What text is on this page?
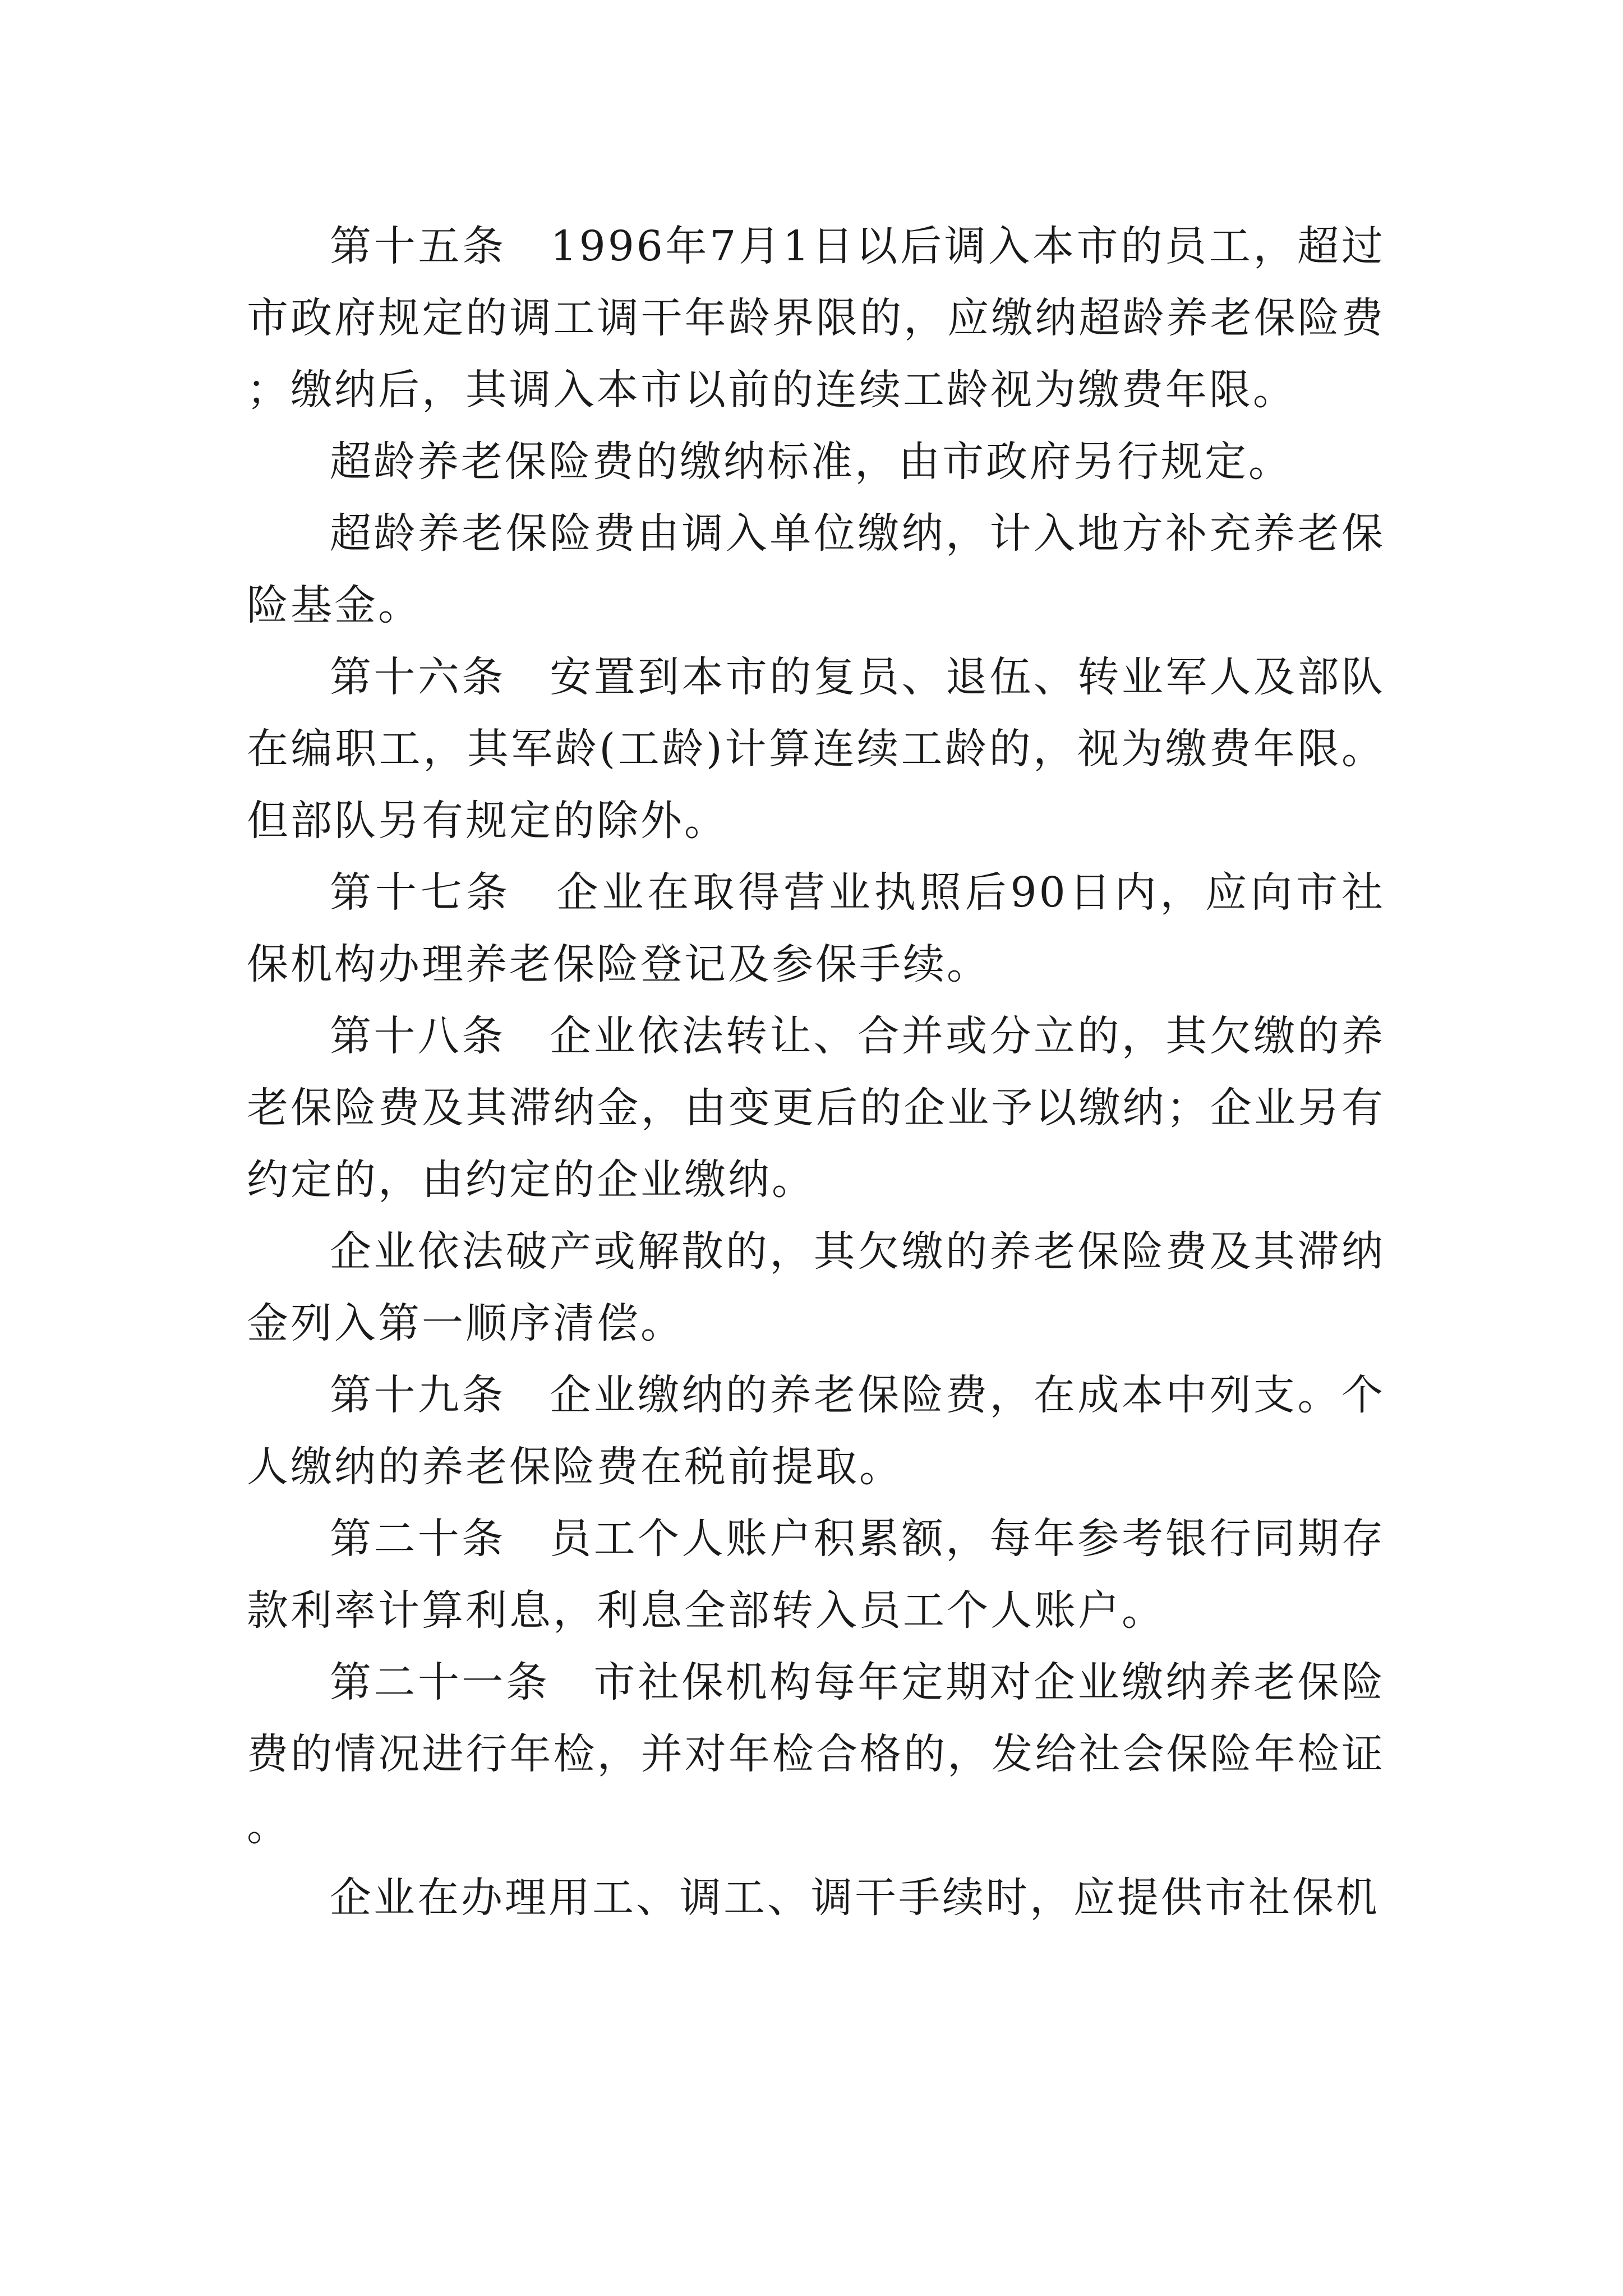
第十五条　1996年7月1日以后调入本市的员工，超过市政府规定的调工调干年龄界限的，应缴纳超龄养老保险费；缴纳后，其调入本市以前的连续工龄视为缴费年限。

超龄养老保险费的缴纳标准，由市政府另行规定。

超龄养老保险费由调入单位缴纳，计入地方补充养老保险基金。

第十六条　安置到本市的复员、退伍、转业军人及部队在编职工，其军龄(工龄)计算连续工龄的，视为缴费年限。但部队另有规定的除外。

第十七条　企业在取得营业执照后90日内，应向市社保机构办理养老保险登记及参保手续。

第十八条　企业依法转让、合并或分立的，其欠缴的养老保险费及其滞纳金，由变更后的企业予以缴纳；企业另有约定的，由约定的企业缴纳。

企业依法破产或解散的，其欠缴的养老保险费及其滞纳金列入第一顺序清偿。

第十九条　企业缴纳的养老保险费，在成本中列支。个人缴纳的养老保险费在税前提取。

第二十条　员工个人账户积累额，每年参考银行同期存款利率计算利息，利息全部转入员工个人账户。

第二十一条　市社保机构每年定期对企业缴纳养老保险费的情况进行年检，并对年检合格的，发给社会保险年检证。

企业在办理用工、调工、调干手续时，应提供市社保机
